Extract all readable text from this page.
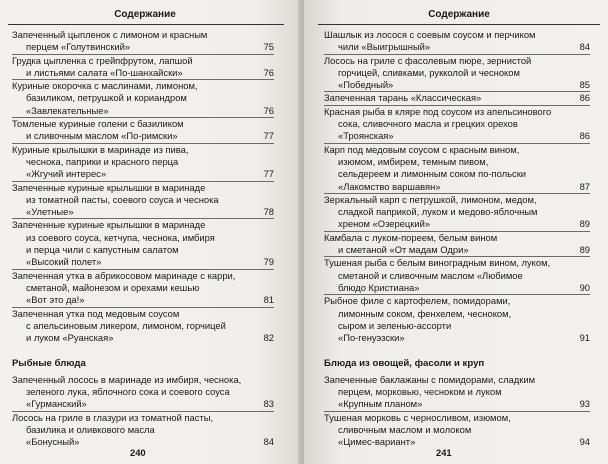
Содержание
Запеченный цыпленок с лимоном и красным
перцем «Голутвинский»	75
Грудка цыпленка с грейпфрутом, лапшой
и листьями салата «По-шанхайски»	76
Куриные окорочка с маслинами, лимоном,
базиликом, петрушкой и кориандром
«Завлекательные»	76
Томленые куриные голени с базиликом
и сливочным маслом «По-римски»	77
Куриные крылышки в маринаде из пива,
чеснока, паприки и красного перца
«Жгучий интерес»	77
Запеченные куриные крылышки в маринаде
из томатной пасты, соевого соуса и чеснока
«Улетные»	78
Запеченные куриные крылышки в маринаде
из соевого соуса, кетчупа, чеснока, имбиря
и перца чили с капустным салатом
«Высокий полет»	79
Запеченная утка в абрикосовом маринаде с карри,
сметаной, майонезом и орехами кешью
«Вот это да!»	81
Запеченная утка под медовым соусом
с апельсиновым ликером, лимоном, горчицей
и луком «Руанская»	82
Рыбные блюда
Запеченный лосось в маринаде из имбиря, чеснока,
зеленого лука, яблочного сока и соевого соуса
«Гурманский»	83
Лосось на гриле в глазури из томатной пасты,
базилика и оливкового масла
«Бонусный»	84
240
Содержание
Шашлык из лосося с соевым соусом и перчиком
чили «Выигрышный»	84
Лосось на гриле с фасолевым пюре, зернистой
горчицей, сливками, рукколой и чесноком
«Победный»	85
Запеченная тарань «Классическая»	86
Красная рыба в кляре под соусом из апельсинового
сока, сливочного масла и грецких орехов
«Троянская»	86
Карп под медовым соусом с красным вином,
изюмом, имбирем, темным пивом,
сельдереем и лимонным соком по-польски
«Лакомство варшавян»	87
Зеркальный карп с петрушкой, лимоном, медом,
сладкой паприкой, луком и медово-яблочным
хреном «Озерецкий»	89
Камбала с луком-пореем, белым вином
и сметаной «От мадам Одри»	89
Тушеная рыба с белым виноградным вином, луком,
сметаной и сливочным маслом «Любимое
блюдо Кристиана»	90
Рыбное филе с картофелем, помидорами,
лимонным соком, фенхелем, чесноком,
сыром и зеленью-ассорти
«По-генуэзски»	91
Блюда из овощей, фасоли и круп
Запеченные баклажаны с помидорами, сладким
перцем, морковью, чесноком и луком
«Крупным планом»	93
Тушеная морковь с черносливом, изюмом,
сливочным маслом и молоком
«Цимес-вариант»	94
241
